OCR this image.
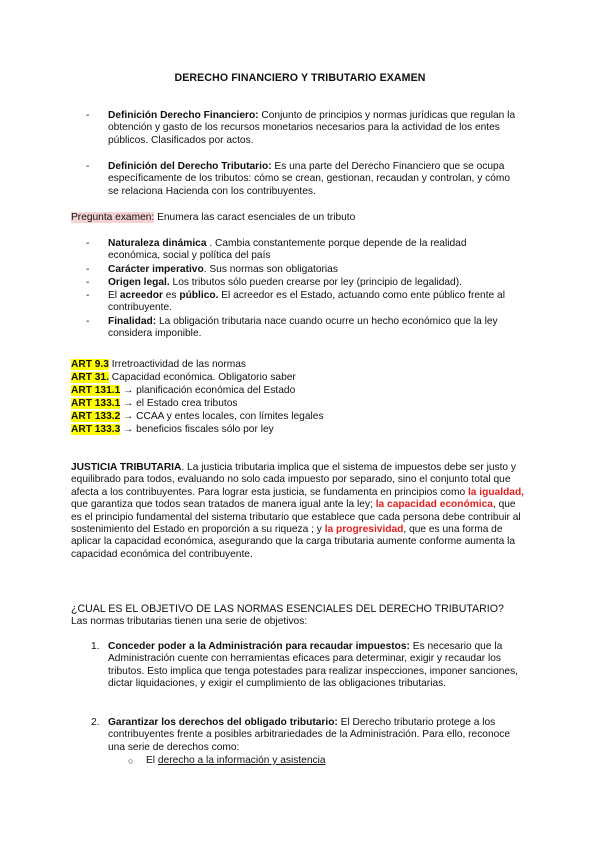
DERECHO FINANCIERO Y TRIBUTARIO EXAMEN
- Definición Derecho Financiero: Conjunto de principios y normas jurídicas que regulan la obtención y gasto de los recursos monetarios necesarios para la actividad de los entes públicos. Clasificados por actos.
- Definición del Derecho Tributario: Es una parte del Derecho Financiero que se ocupa específicamente de los tributos: cómo se crean, gestionan, recaudan y controlan, y cómo se relaciona Hacienda con los contribuyentes.
Pregunta examen: Enumera las caract esenciales de un tributo
- Naturaleza dinámica . Cambia constantemente porque depende de la realidad económica, social y política del país
- Carácter imperativo. Sus normas son obligatorias
- Origen legal. Los tributos sólo pueden crearse por ley (principio de legalidad).
- El acreedor es público. El acreedor es el Estado, actuando como ente público frente al contribuyente.
- Finalidad: La obligación tributaria nace cuando ocurre un hecho económico que la ley considera imponible.
ART 9.3 Irretroactividad de las normas
ART 31. Capacidad económica. Obligatorio saber
ART 131.1 → planificación económica del Estado
ART 133.1 → el Estado crea tributos
ART 133.2 → CCAA y entes locales, con límites legales
ART 133.3 → beneficios fiscales sólo por ley
JUSTICIA TRIBUTARIA. La justicia tributaria implica que el sistema de impuestos debe ser justo y equilibrado para todos, evaluando no solo cada impuesto por separado, sino el conjunto total que afecta a los contribuyentes. Para lograr esta justicia, se fundamenta en principios como la igualdad, que garantiza que todos sean tratados de manera igual ante la ley; la capacidad económica, que es el principio fundamental del sistema tributario que establece que cada persona debe contribuir al sostenimiento del Estado en proporción a su riqueza ; y la progresividad, que es una forma de aplicar la capacidad económica, asegurando que la carga tributaria aumente conforme aumenta la capacidad económica del contribuyente.
¿CUAL ES EL OBJETIVO DE LAS NORMAS ESENCIALES DEL DERECHO TRIBUTARIO?
Las normas tributarias tienen una serie de objetivos:
1. Conceder poder a la Administración para recaudar impuestos: Es necesario que la Administración cuente con herramientas eficaces para determinar, exigir y recaudar los tributos. Esto implica que tenga potestades para realizar inspecciones, imponer sanciones, dictar liquidaciones, y exigir el cumplimiento de las obligaciones tributarias.
2. Garantizar los derechos del obligado tributario: El Derecho tributario protege a los contribuyentes frente a posibles arbitrariedades de la Administración. Para ello, reconoce una serie de derechos como:
○ El derecho a la información y asistencia
